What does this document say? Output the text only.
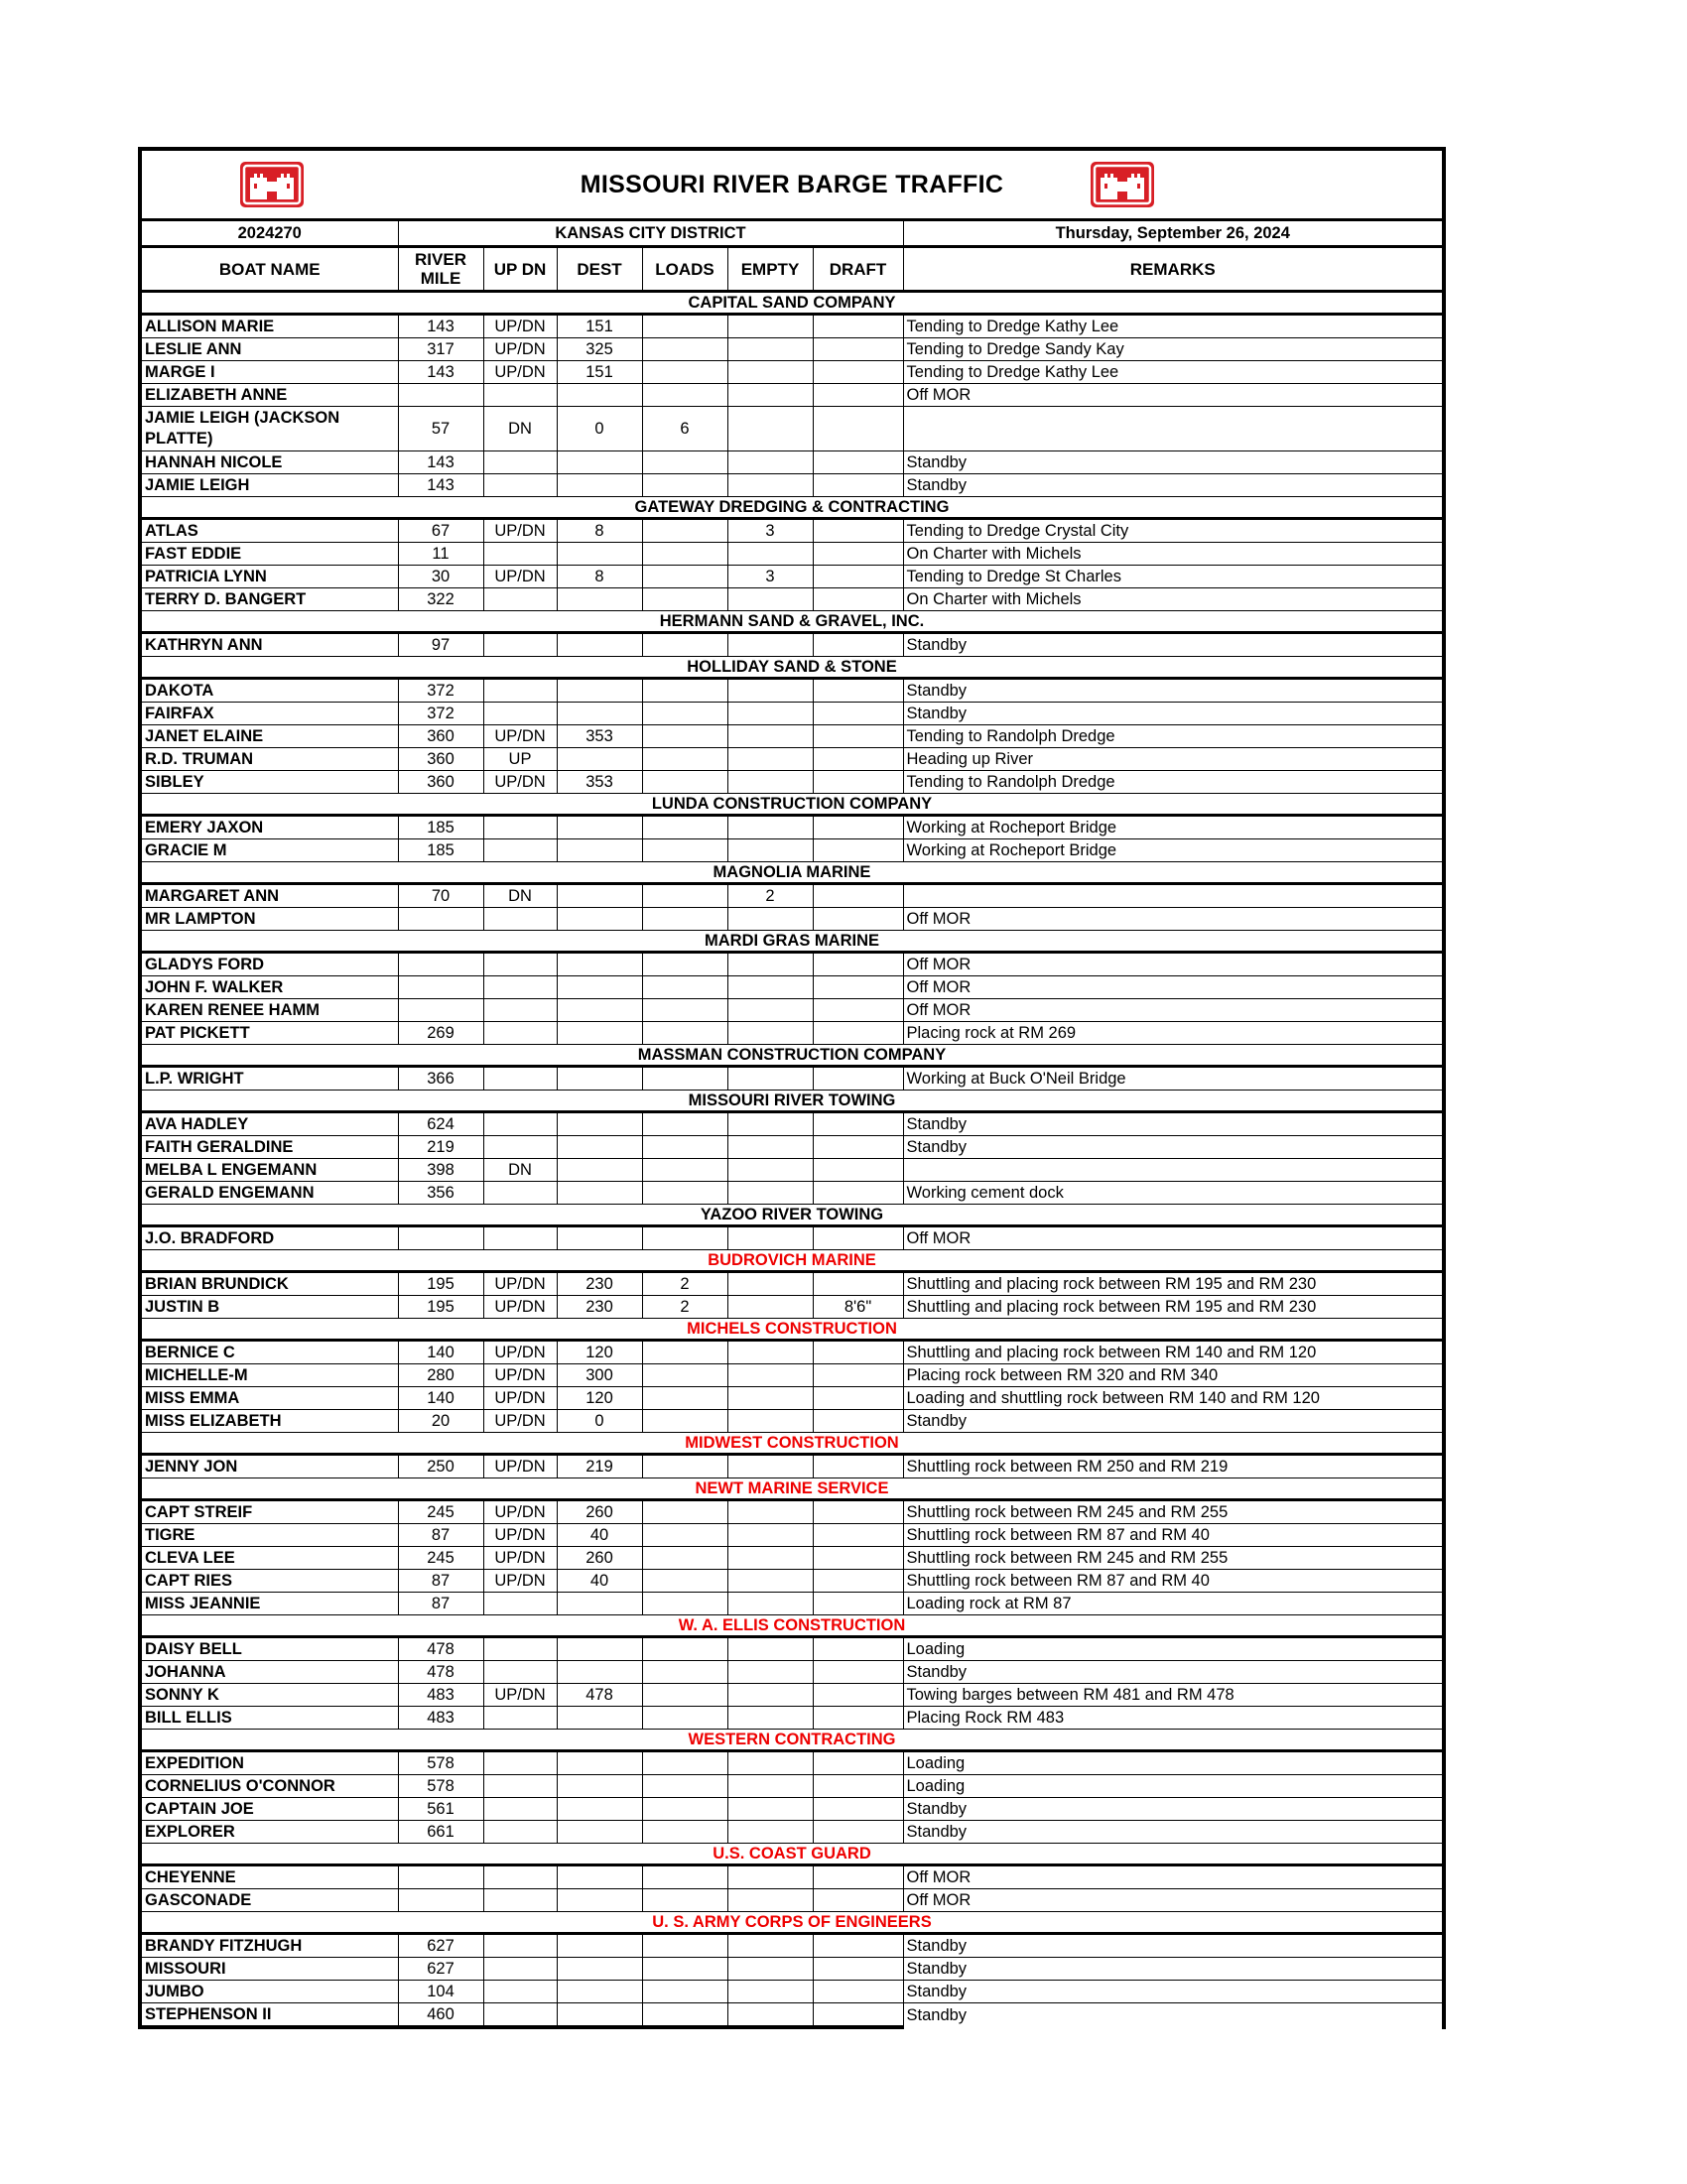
MISSOURI RIVER BARGE TRAFFIC
2024270	KANSAS CITY DISTRICT						Thursday, September 26, 2024
BOAT NAME	RIVER MILE	UP DN	DEST	LOADS	EMPTY	DRAFT	REMARKS
CAPITAL SAND COMPANY							
ALLISON MARIE	143	UP/DN	151				Tending to Dredge Kathy Lee
LESLIE ANN	317	UP/DN	325				Tending to Dredge Sandy Kay
MARGE I	143	UP/DN	151				Tending to Dredge Kathy Lee
ELIZABETH ANNE							Off MOR
JAMIE LEIGH (JACKSON PLATTE)	57	DN	0	6			
HANNAH NICOLE	143						Standby
JAMIE LEIGH	143						Standby
GATEWAY DREDGING & CONTRACTING							
ATLAS	67	UP/DN	8		3		Tending to Dredge Crystal City
FAST EDDIE	11						On Charter with Michels
PATRICIA LYNN	30	UP/DN	8		3		Tending to Dredge St Charles
TERRY D. BANGERT	322						On Charter with Michels
HERMANN SAND & GRAVEL, INC.							
KATHRYN ANN	97						Standby
HOLLIDAY SAND & STONE							
DAKOTA	372						Standby
FAIRFAX	372						Standby
JANET ELAINE	360	UP/DN	353				Tending to Randolph Dredge
R.D. TRUMAN	360	UP					Heading up River
SIBLEY	360	UP/DN	353				Tending to Randolph Dredge
LUNDA CONSTRUCTION COMPANY							
EMERY JAXON	185						Working at Rocheport Bridge
GRACIE M	185						Working at Rocheport Bridge
MAGNOLIA MARINE							
MARGARET ANN	70	DN			2		
MR LAMPTON							Off MOR
MARDI GRAS MARINE							
GLADYS FORD							Off MOR
JOHN F. WALKER							Off MOR
KAREN RENEE HAMM							Off MOR
PAT PICKETT	269						Placing rock at RM 269
MASSMAN CONSTRUCTION COMPANY							
L.P. WRIGHT	366						Working at Buck O'Neil Bridge
MISSOURI RIVER TOWING							
AVA HADLEY	624						Standby
FAITH GERALDINE	219						Standby
MELBA L ENGEMANN	398	DN					
GERALD ENGEMANN	356						Working cement dock
YAZOO RIVER TOWING							
J.O. BRADFORD							Off MOR
BUDROVICH MARINE							
BRIAN BRUNDICK	195	UP/DN	230	2			Shuttling and placing rock between RM 195 and RM 230
JUSTIN B	195	UP/DN	230	2		8'6"	Shuttling and placing rock between RM 195 and RM 230
MICHELS CONSTRUCTION							
BERNICE C	140	UP/DN	120				Shuttling and placing rock between RM 140 and RM 120
MICHELLE-M	280	UP/DN	300				Placing rock between RM 320 and RM 340
MISS EMMA	140	UP/DN	120				Loading and shuttling rock between RM 140 and RM 120
MISS ELIZABETH	20	UP/DN	0				Standby
MIDWEST CONSTRUCTION							
JENNY JON	250	UP/DN	219				Shuttling rock between RM 250 and RM 219
NEWT MARINE SERVICE							
CAPT STREIF	245	UP/DN	260				Shuttling rock between RM 245 and RM 255
TIGRE	87	UP/DN	40				Shuttling rock between RM 87 and RM 40
CLEVA LEE	245	UP/DN	260				Shuttling rock between RM 245 and RM 255
CAPT RIES	87	UP/DN	40				Shuttling rock between RM 87 and RM 40
MISS JEANNIE	87						Loading rock at RM 87
W. A. ELLIS CONSTRUCTION							
DAISY BELL	478						Loading
JOHANNA	478						Standby
SONNY K	483	UP/DN	478				Towing barges between RM 481 and RM 478
BILL ELLIS	483						Placing Rock RM 483
WESTERN CONTRACTING							
EXPEDITION	578						Loading
CORNELIUS O'CONNOR	578						Loading
CAPTAIN JOE	561						Standby
EXPLORER	661						Standby
U.S. COAST GUARD							
CHEYENNE							Off MOR
GASCONADE							Off MOR
U. S. ARMY CORPS OF ENGINEERS							
BRANDY FITZHUGH	627						Standby
MISSOURI	627						Standby
JUMBO	104						Standby
STEPHENSON II	460						Standby
